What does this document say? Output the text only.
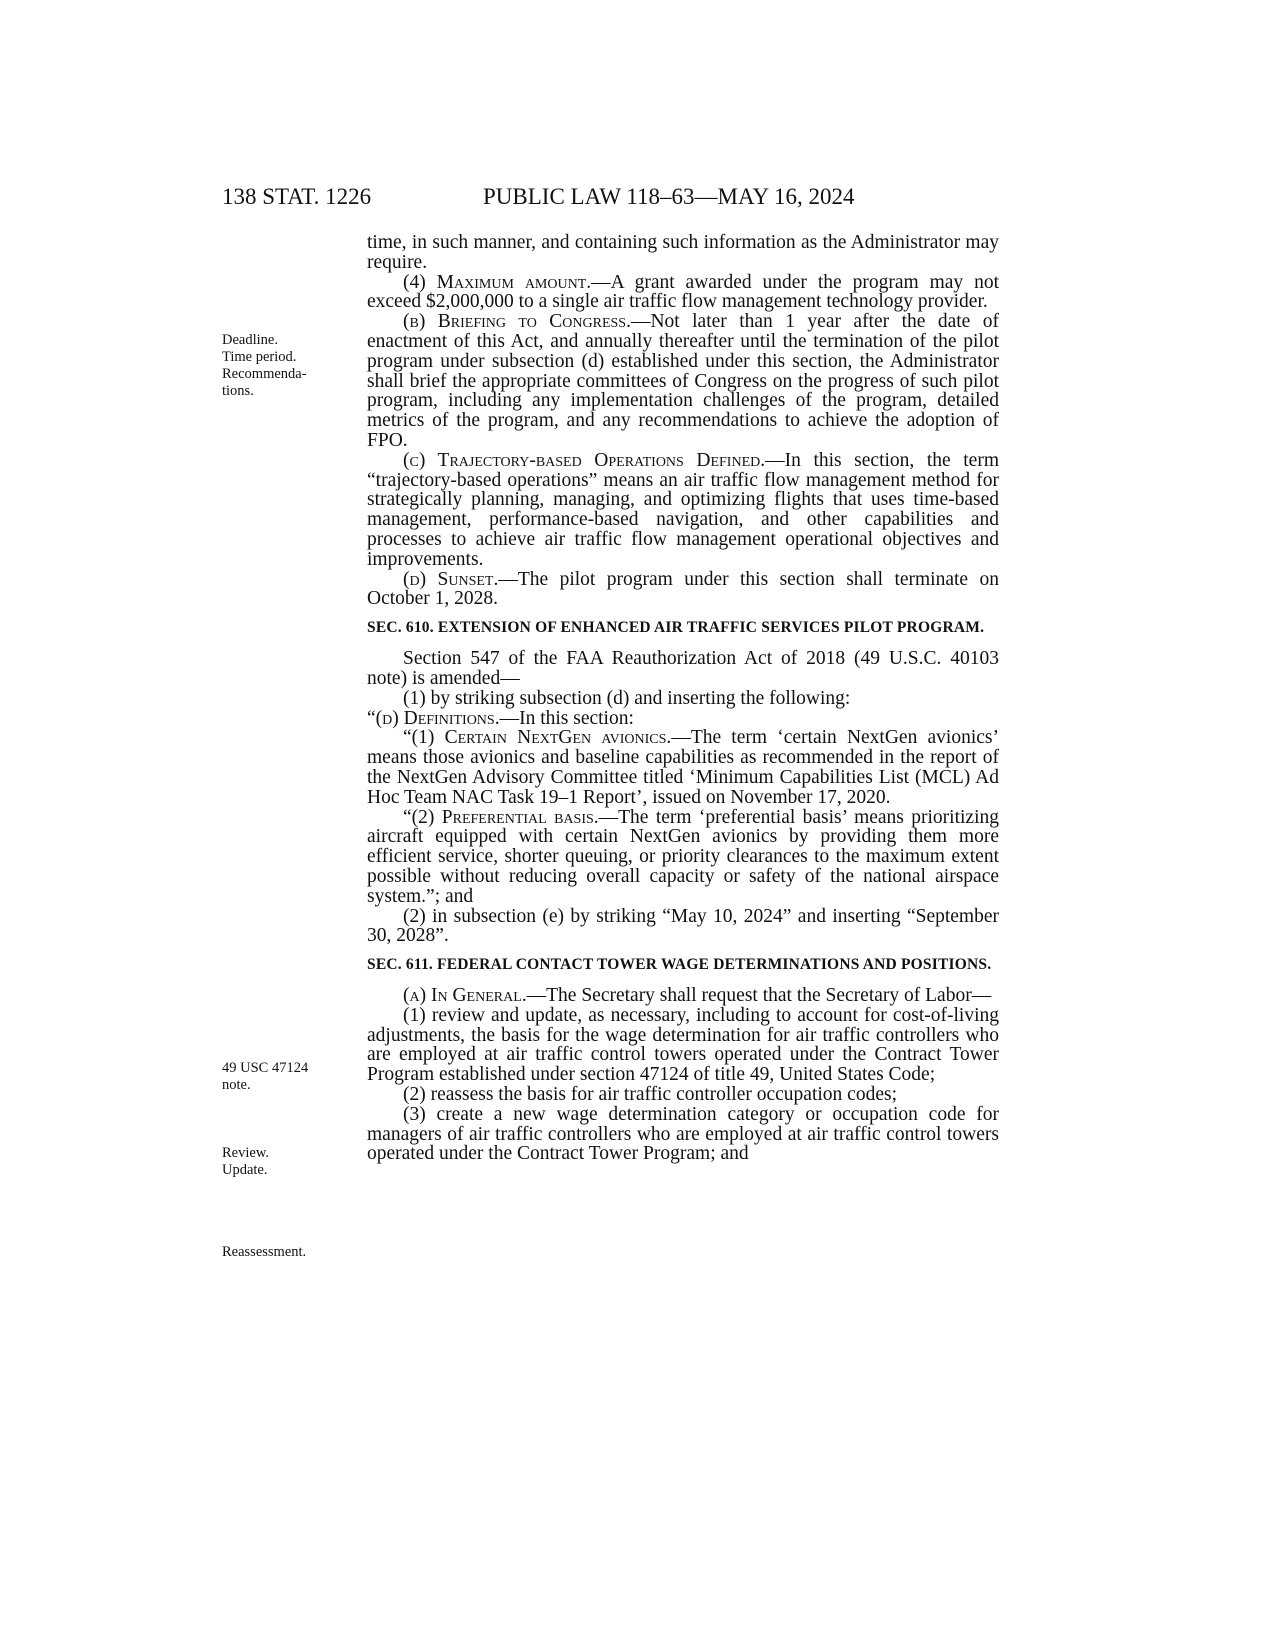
138 STAT. 1226	PUBLIC LAW 118–63—MAY 16, 2024
Deadline.
Time period.
Recommenda-
tions.
49 USC 47124
note.
Review.
Update.
Reassessment.

time, in such manner, and containing such information as the Administrator may require.

(4) Maximum amount.—A grant awarded under the program may not exceed $2,000,000 to a single air traffic flow management technology provider.

(b) Briefing to Congress.—Not later than 1 year after the date of enactment of this Act, and annually thereafter until the termination of the pilot program under subsection (d) established under this section, the Administrator shall brief the appropriate committees of Congress on the progress of such pilot program, including any implementation challenges of the program, detailed metrics of the program, and any recommendations to achieve the adoption of FPO.

(c) Trajectory-based Operations Defined.—In this section, the term “trajectory-based operations” means an air traffic flow management method for strategically planning, managing, and optimizing flights that uses time-based management, performance-based navigation, and other capabilities and processes to achieve air traffic flow management operational objectives and improvements.

(d) Sunset.—The pilot program under this section shall terminate on October 1, 2028.

SEC. 610. EXTENSION OF ENHANCED AIR TRAFFIC SERVICES PILOT PROGRAM.

Section 547 of the FAA Reauthorization Act of 2018 (49 U.S.C. 40103 note) is amended—

(1) by striking subsection (d) and inserting the following:

“(d) Definitions.—In this section:

“(1) Certain NextGen avionics.—The term ‘certain NextGen avionics’ means those avionics and baseline capabilities as recommended in the report of the NextGen Advisory Committee titled ‘Minimum Capabilities List (MCL) Ad Hoc Team NAC Task 19–1 Report’, issued on November 17, 2020.

“(2) Preferential basis.—The term ‘preferential basis’ means prioritizing aircraft equipped with certain NextGen avionics by providing them more efficient service, shorter queuing, or priority clearances to the maximum extent possible without reducing overall capacity or safety of the national airspace system.”; and

(2) in subsection (e) by striking “May 10, 2024” and inserting “September 30, 2028”.

SEC. 611. FEDERAL CONTACT TOWER WAGE DETERMINATIONS AND POSITIONS.

(a) In General.—The Secretary shall request that the Secretary of Labor—

(1) review and update, as necessary, including to account for cost-of-living adjustments, the basis for the wage determination for air traffic controllers who are employed at air traffic control towers operated under the Contract Tower Program established under section 47124 of title 49, United States Code;

(2) reassess the basis for air traffic controller occupation codes;

(3) create a new wage determination category or occupation code for managers of air traffic controllers who are employed at air traffic control towers operated under the Contract Tower Program; and
